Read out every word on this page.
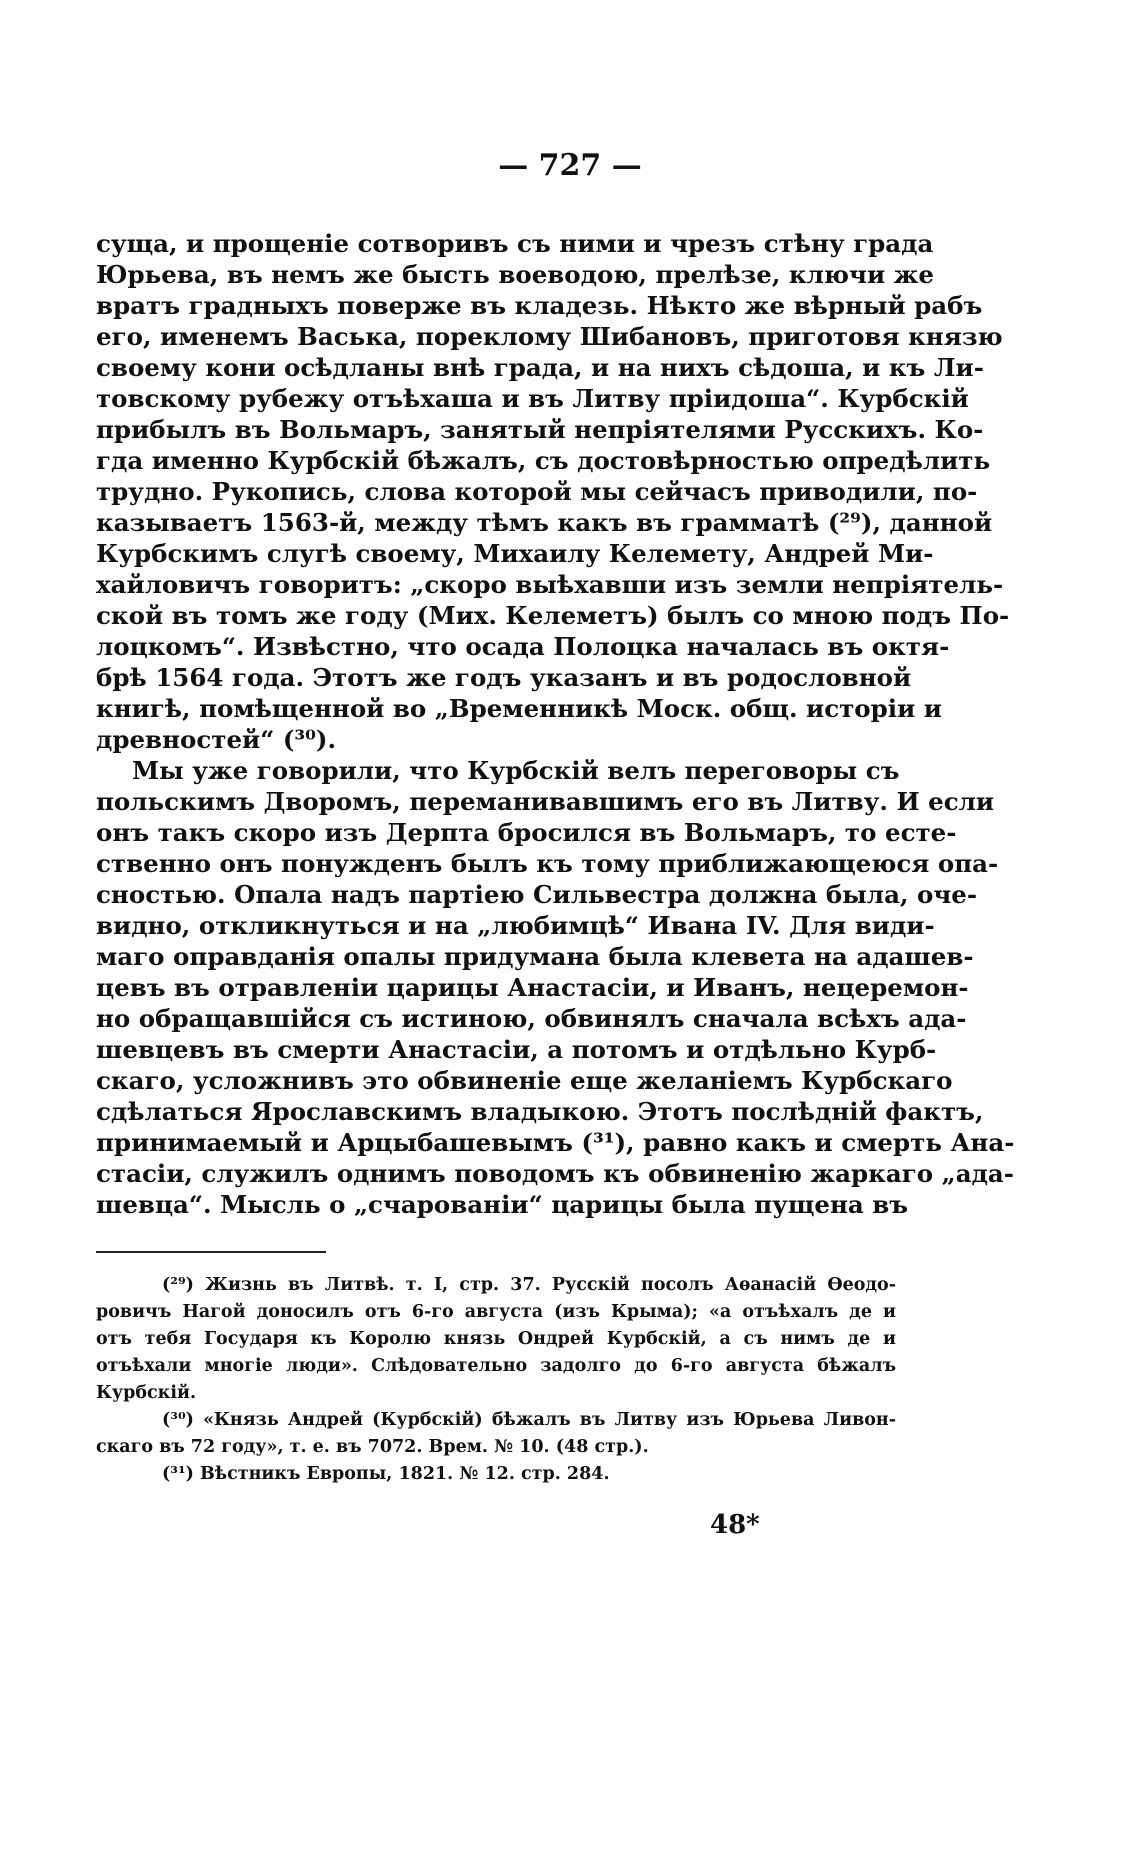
— 727 —
суща, и прощеніе сотворивъ съ ними и чрезъ стѣну града
Юрьева, въ немъ же бысть воеводою, прелѣзе, ключи же
вратъ градныхъ поверже въ кладезь. Нѣкто же вѣрный рабъ
его, именемъ Васька, пореклому Шибановъ, приготовя князю
своему кони осѣдланы внѣ града, и на нихъ сѣдоша, и къ Ли-
товскому рубежу отъѣхаша и въ Литву пріидоша“. Курбскій
прибылъ въ Вольмаръ, занятый непріятелями Русскихъ. Ко-
гда именно Курбскій бѣжалъ, съ достовѣрностью опредѣлить
трудно. Рукопись, слова которой мы сейчасъ приводили, по-
казываетъ 1563-й, между тѣмъ какъ въ грамматѣ (²⁹), данной
Курбскимъ слугѣ своему, Михаилу Келемету, Андрей Ми-
хайловичъ говоритъ: „скоро выѣхавши изъ земли непріятель-
ской въ томъ же году (Мих. Келеметъ) былъ со мною подъ По-
лоцкомъ“. Извѣстно, что осада Полоцка началась въ октя-
брѣ 1564 года. Этотъ же годъ указанъ и въ родословной
книгѣ, помѣщенной во „Временникѣ Моск. общ. исторіи и
древностей“ (³⁰).
Мы уже говорили, что Курбскій велъ переговоры съ
польскимъ Дворомъ, переманивавшимъ его въ Литву. И если
онъ такъ скоро изъ Дерпта бросился въ Вольмаръ, то есте-
ственно онъ понужденъ былъ къ тому приближающеюся опа-
сностью. Опала надъ партіею Сильвестра должна была, оче-
видно, откликнуться и на „любимцѣ“ Ивана IV. Для види-
маго оправданія опалы придумана была клевета на адашев-
цевъ въ отравленіи царицы Анастасіи, и Иванъ, нецеремон-
но обращавшійся съ истиною, обвинялъ сначала всѣхъ ада-
шевцевъ въ смерти Анастасіи, а потомъ и отдѣльно Курб-
скаго, усложнивъ это обвиненіе еще желаніемъ Курбскаго
сдѣлаться Ярославскимъ владыкою. Этотъ послѣдній фактъ,
принимаемый и Арцыбашевымъ (³¹), равно какъ и смерть Ана-
стасіи, служилъ однимъ поводомъ къ обвиненію жаркаго „ада-
шевца“. Мысль о „счарованіи“ царицы была пущена въ
(²⁹) Жизнь въ Литвѣ. т. I, стр. 37. Русскій посолъ Аѳанасій Ѳеодо-
ровичъ Нагой доносилъ отъ 6-го августа (изъ Крыма); «а отъѣхалъ де и
отъ тебя Государя къ Королю князь Ондрей Курбскій, а съ нимъ де и
отъѣхали многіе люди». Слѣдовательно задолго до 6-го августа бѣжалъ
Курбскій.
(³⁰) «Князь Андрей (Курбскій) бѣжалъ въ Литву изъ Юрьева Ливон-
скаго въ 72 году», т. е. въ 7072. Врем. № 10. (48 стр.).
(³¹) Вѣстникъ Европы, 1821. № 12. стр. 284.
48*
